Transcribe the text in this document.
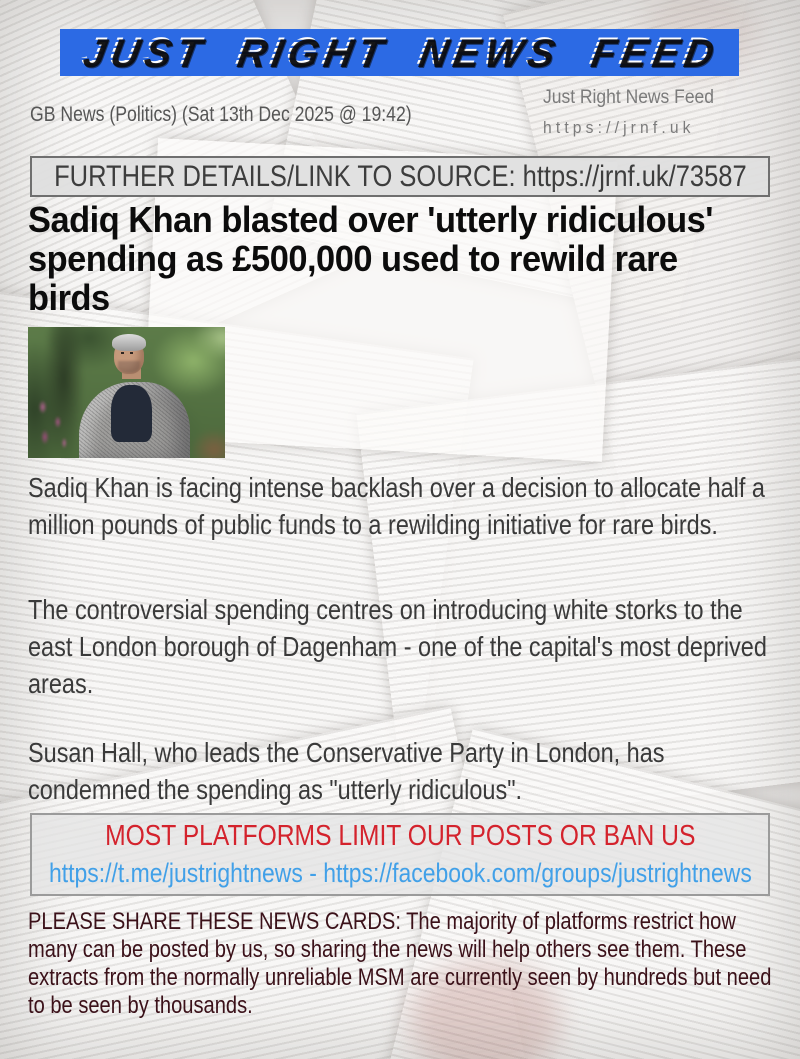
JUST RIGHT NEWS FEED
GB News (Politics) (Sat 13th Dec 2025 @ 19:42)
Just Right News Feed
https://jrnf.uk
FURTHER DETAILS/LINK TO SOURCE: https://jrnf.uk/73587
Sadiq Khan blasted over 'utterly ridiculous' spending as £500,000 used to rewild rare birds

Sadiq Khan is facing intense backlash over a decision to allocate half a million pounds of public funds to a rewilding initiative for rare birds.

The controversial spending centres on introducing white storks to the east London borough of Dagenham - one of the capital's most deprived areas.

Susan Hall, who leads the Conservative Party in London, has condemned the spending as "utterly ridiculous".

MOST PLATFORMS LIMIT OUR POSTS OR BAN US
https://t.me/justrightnews - https://facebook.com/groups/justrightnews

PLEASE SHARE THESE NEWS CARDS: The majority of platforms restrict how many can be posted by us, so sharing the news will help others see them. These extracts from the normally unreliable MSM are currently seen by hundreds but need to be seen by thousands.
